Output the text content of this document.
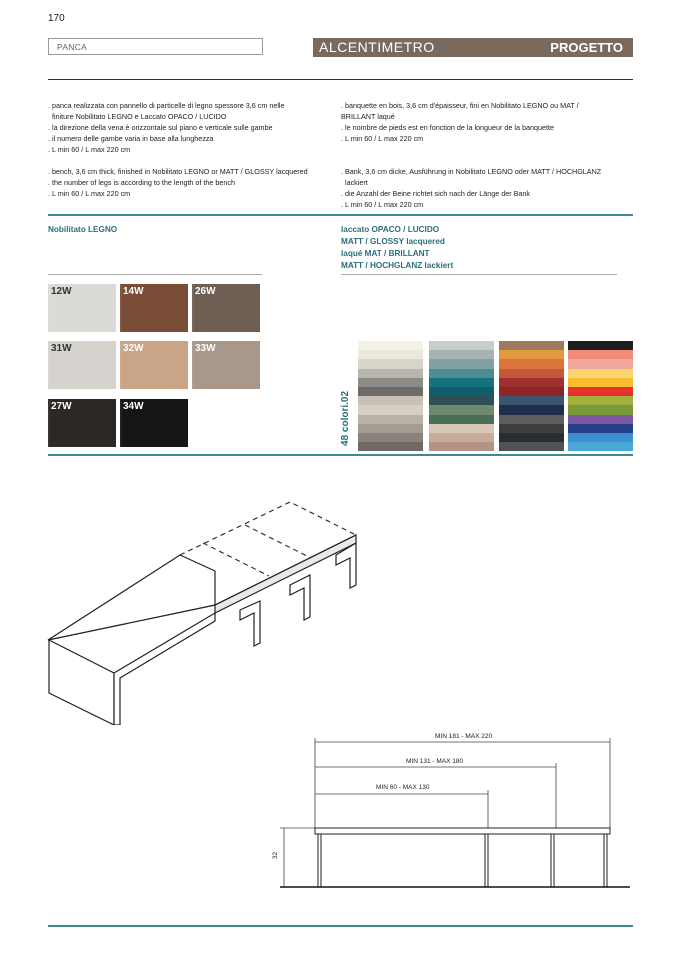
170
PANCA	ALCENTIMETRO	PROGETTO

. panca realizzata con pannello di particelle di legno spessore 3,6 cm nelle

finiture Nobilitato LEGNO e Laccato OPACO / LUCIDO

. la direzione della vena è orizzontale sul piano e verticale sulle gambe

. il numero delle gambe varia in base alla lunghezza

. L min 60 / L max 220 cm

. bench, 3,6 cm thick, finished in Nobilitato LEGNO or MATT / GLOSSY lacquered

. the number of legs is according to the length of the bench

. L min 60 / L max 220 cm

. banquette en bois, 3,6 cm d'épaisseur, fini en Nobilitato LEGNO ou MAT /

BRILLANT laqué

. le nombre de pieds est en fonction de la longueur de la banquette

. L min 60 / L max 220 cm

. Bank, 3,6 cm dicke, Ausführung in Nobilitato LEGNO oder MATT / HOCHGLANZ

lackiert

. die Anzahl der Beine richtet sich nach der Länge der Bank

. L min 60 / L max 220 cm

Nobilitato LEGNO	laccato OPACO / LUCIDO

MATT / GLOSSY lacquered

laqué MAT / BRILLANT

MATT / HOCHGLANZ lackiert

12W	14W	26W
31W	32W	33W
27W	34W	48 colori.02
MIN 181 - MAX 220
MIN 131 - MAX 180
MIN 60 - MAX 130
32
